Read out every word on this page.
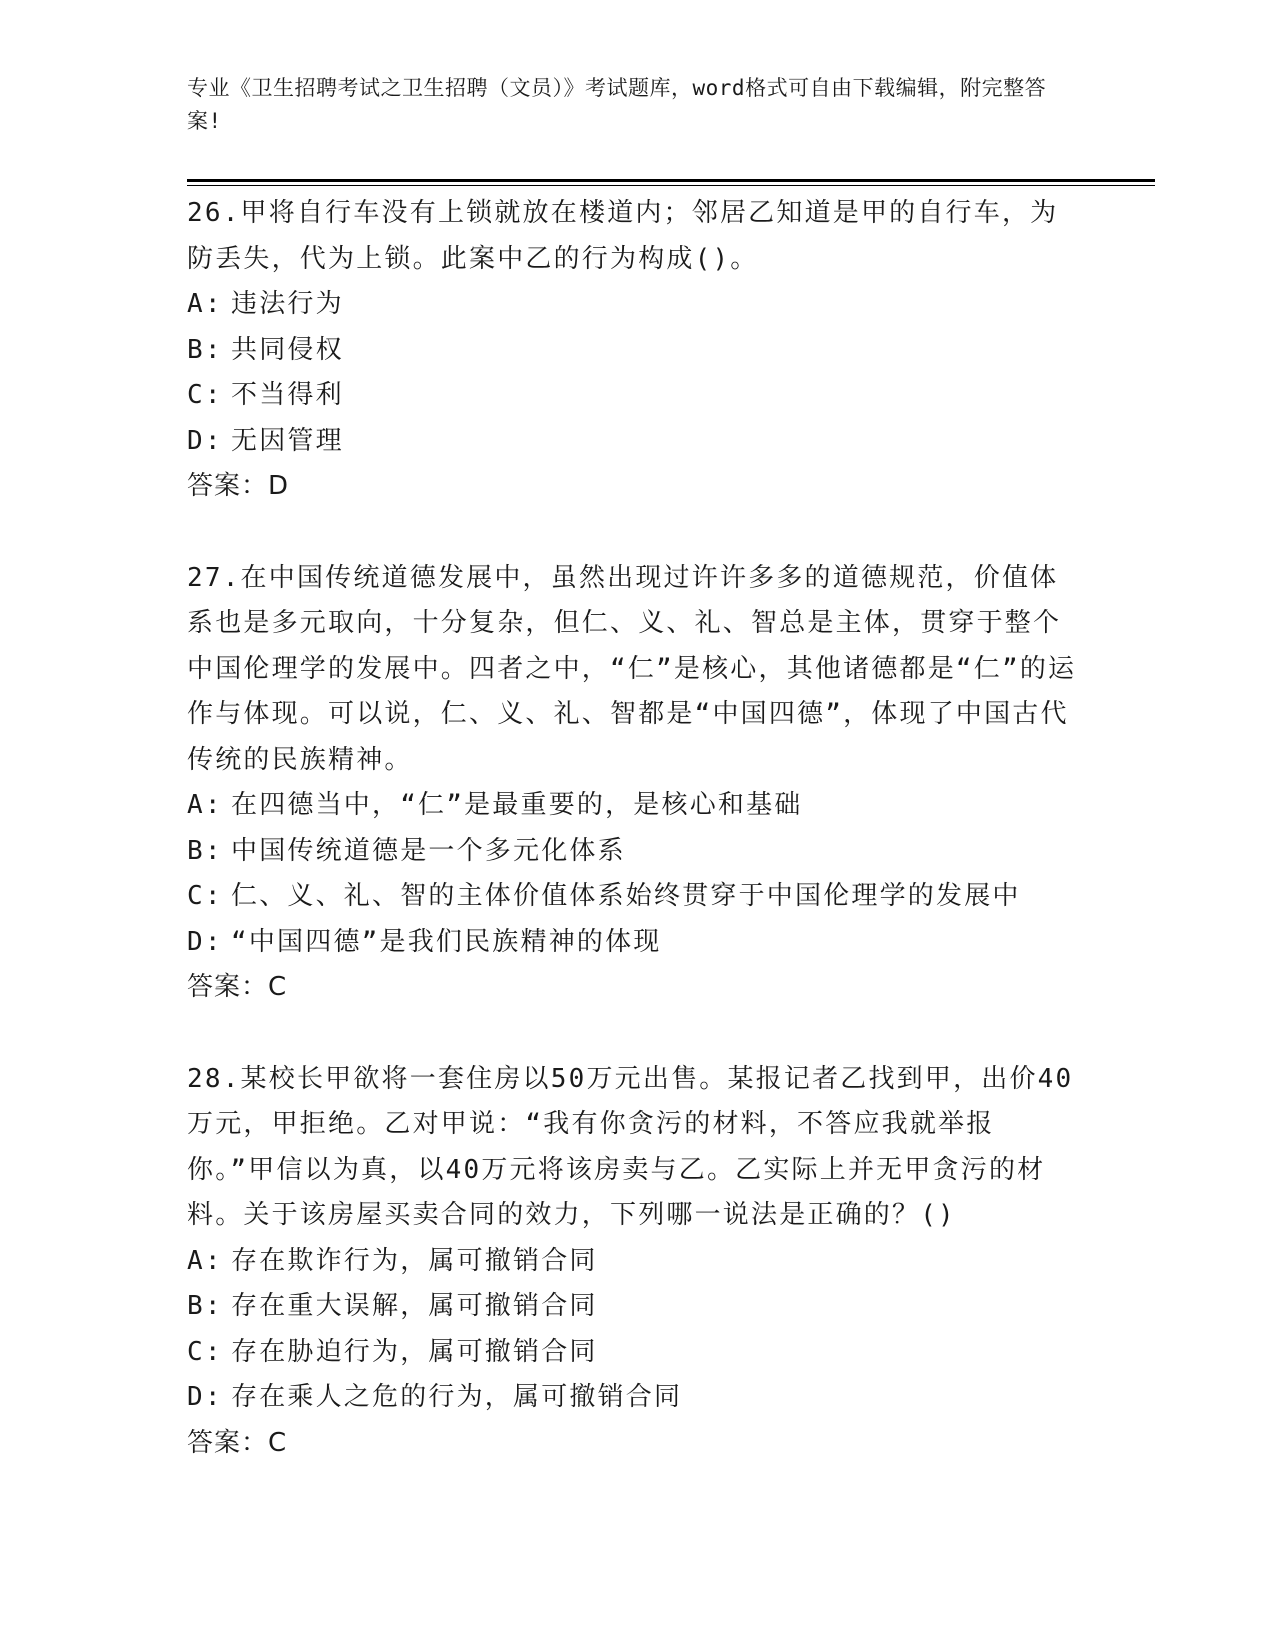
专业《卫生招聘考试之卫生招聘（文员）》考试题库，word格式可自由下载编辑，附完整答案!

26.甲将自行车没有上锁就放在楼道内；邻居乙知道是甲的自行车，为防丢失，代为上锁。此案中乙的行为构成()。

A: 违法行为

B: 共同侵权

C: 不当得利

D: 无因管理

答案：D

27.在中国传统道德发展中，虽然出现过许许多多的道德规范，价值体系也是多元取向，十分复杂，但仁、义、礼、智总是主体，贯穿于整个中国伦理学的发展中。四者之中，“仁”是核心，其他诸德都是“仁”的运作与体现。可以说，仁、义、礼、智都是“中国四德”，体现了中国古代传统的民族精神。

A: 在四德当中，“仁”是最重要的，是核心和基础

B: 中国传统道德是一个多元化体系

C: 仁、义、礼、智的主体价值体系始终贯穿于中国伦理学的发展中

D: “中国四德”是我们民族精神的体现

答案：C

28.某校长甲欲将一套住房以50万元出售。某报记者乙找到甲，出价40万元，甲拒绝。乙对甲说：“我有你贪污的材料，不答应我就举报你。”甲信以为真，以40万元将该房卖与乙。乙实际上并无甲贪污的材料。关于该房屋买卖合同的效力，下列哪一说法是正确的？()

A: 存在欺诈行为，属可撤销合同

B: 存在重大误解，属可撤销合同

C: 存在胁迫行为，属可撤销合同

D: 存在乘人之危的行为，属可撤销合同

答案：C
